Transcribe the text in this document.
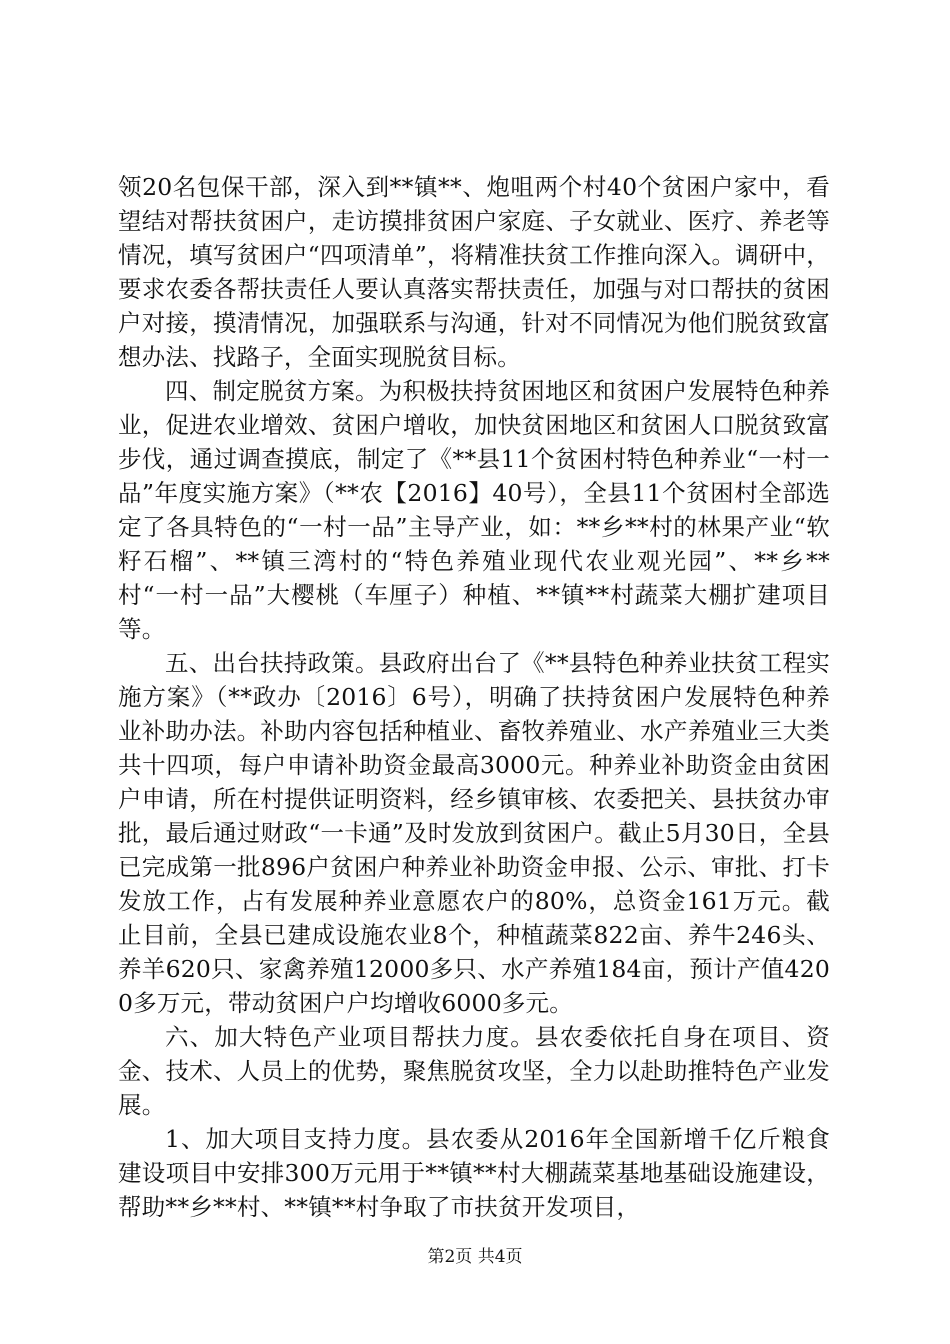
领20名包保干部，深入到**镇**、炮咀两个村40个贫困户家中，看望结对帮扶贫困户，走访摸排贫困户家庭、子女就业、医疗、养老等情况，填写贫困户“四项清单”，将精准扶贫工作推向深入。调研中，要求农委各帮扶责任人要认真落实帮扶责任，加强与对口帮扶的贫困户对接，摸清情况，加强联系与沟通，针对不同情况为他们脱贫致富想办法、找路子，全面实现脱贫目标。

四、制定脱贫方案。为积极扶持贫困地区和贫困户发展特色种养业，促进农业增效、贫困户增收，加快贫困地区和贫困人口脱贫致富步伐，通过调查摸底，制定了《**县11个贫困村特色种养业“一村一品”年度实施方案》（**农【2016】40号），全县11个贫困村全部选定了各具特色的“一村一品”主导产业，如：**乡**村的林果产业“软籽石榴”、**镇三湾村的“特色养殖业现代农业观光园”、**乡**村“一村一品”大樱桃（车厘子）种植、**镇**村蔬菜大棚扩建项目等。

五、出台扶持政策。县政府出台了《**县特色种养业扶贫工程实施方案》（**政办〔2016〕6号），明确了扶持贫困户发展特色种养业补助办法。补助内容包括种植业、畜牧养殖业、水产养殖业三大类共十四项，每户申请补助资金最高3000元。种养业补助资金由贫困户申请，所在村提供证明资料，经乡镇审核、农委把关、县扶贫办审批，最后通过财政“一卡通”及时发放到贫困户。截止5月30日，全县已完成第一批896户贫困户种养业补助资金申报、公示、审批、打卡发放工作，占有发展种养业意愿农户的80%，总资金161万元。截止目前，全县已建成设施农业8个，种植蔬菜822亩、养牛246头、养羊620只、家禽养殖12000多只、水产养殖184亩，预计产值4200多万元，带动贫困户户均增收6000多元。

六、加大特色产业项目帮扶力度。县农委依托自身在项目、资金、技术、人员上的优势，聚焦脱贫攻坚，全力以赴助推特色产业发展。

1、加大项目支持力度。县农委从2016年全国新增千亿斤粮食建设项目中安排300万元用于**镇**村大棚蔬菜基地基础设施建设，帮助**乡**村、**镇**村争取了市扶贫开发项目，

第2页 共4页
